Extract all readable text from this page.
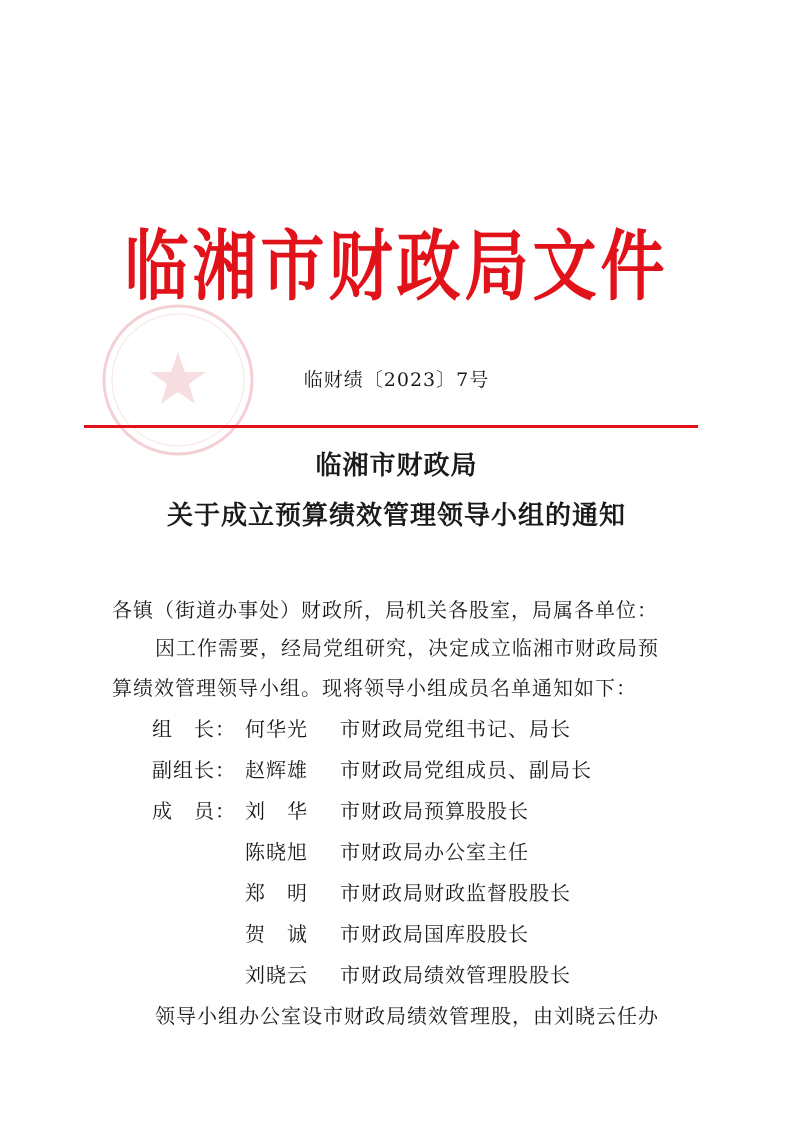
临湘市财政局文件
临财绩〔2023〕7号
临湘市财政局
关于成立预算绩效管理领导小组的通知
各镇（街道办事处）财政所，局机关各股室，局属各单位：
因工作需要，经局党组研究，决定成立临湘市财政局预
算绩效管理领导小组。现将领导小组成员名单通知如下：
组　长： 何华光	市财政局党组书记、局长
副组长： 赵辉雄	市财政局党组成员、副局长
成　员： 刘　华	市财政局预算股股长
陈晓旭	市财政局办公室主任
郑　明	市财政局财政监督股股长
贺　诚	市财政局国库股股长
刘晓云	市财政局绩效管理股股长
领导小组办公室设市财政局绩效管理股，由刘晓云任办
